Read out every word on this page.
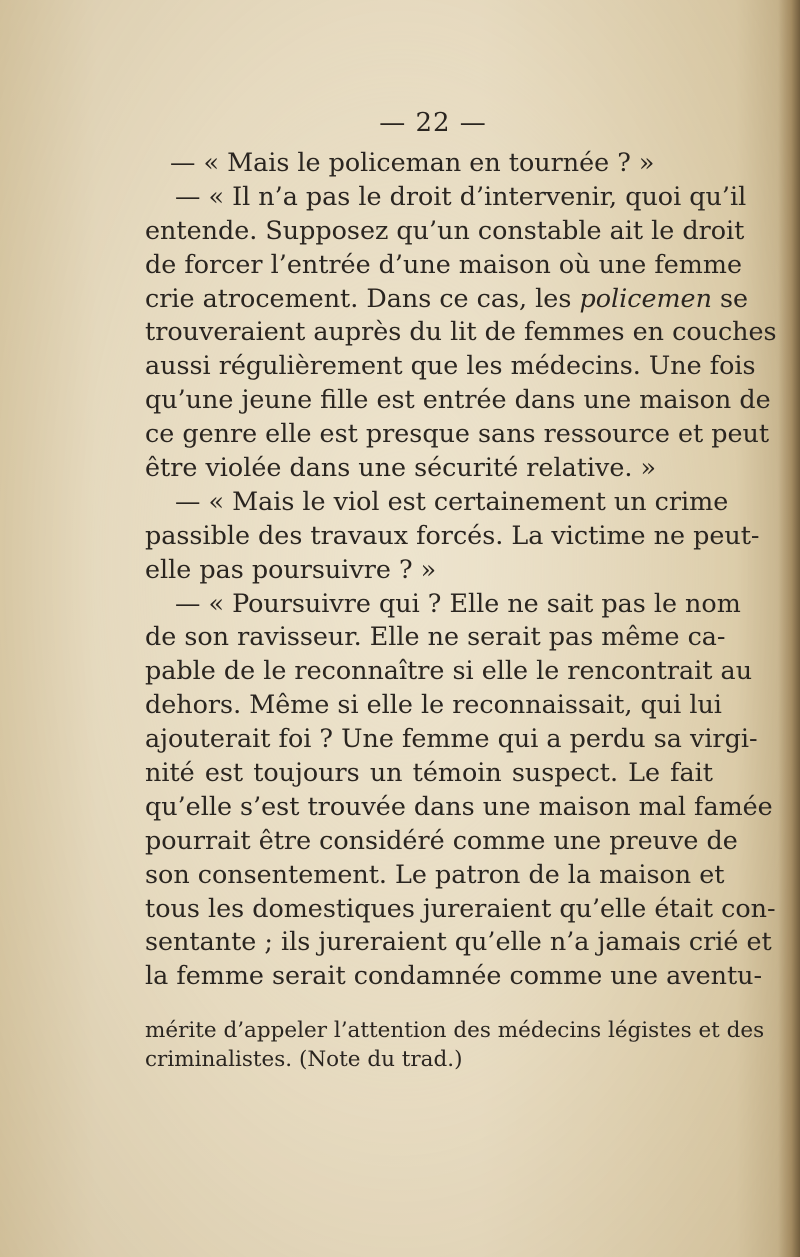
— 22 —
— « Mais le policeman en tournée ? »
— « Il n’a pas le droit d’intervenir, quoi qu’il
entende. Supposez qu’un constable ait le droit
de forcer l’entrée d’une maison où une femme
crie atrocement. Dans ce cas, les policemen se
trouveraient auprès du lit de femmes en couches
aussi régulièrement que les médecins. Une fois
qu’une jeune fille est entrée dans une maison de
ce genre elle est presque sans ressource et peut
être violée dans une sécurité relative. »
— « Mais le viol est certainement un crime
passible des travaux forcés. La victime ne peut-
elle pas poursuivre ? »
— « Poursuivre qui ? Elle ne sait pas le nom
de son ravisseur. Elle ne serait pas même ca-
pable de le reconnaître si elle le rencontrait au
dehors. Même si elle le reconnaissait, qui lui
ajouterait foi ? Une femme qui a perdu sa virgi-
nité est toujours un témoin suspect. Le fait
qu’elle s’est trouvée dans une maison mal famée
pourrait être considéré comme une preuve de
son consentement. Le patron de la maison et
tous les domestiques jureraient qu’elle était con-
sentante ; ils jureraient qu’elle n’a jamais crié et
la femme serait condamnée comme une aventu-
mérite d’appeler l’attention des médecins légistes et des
criminalistes. (Note du trad.)
